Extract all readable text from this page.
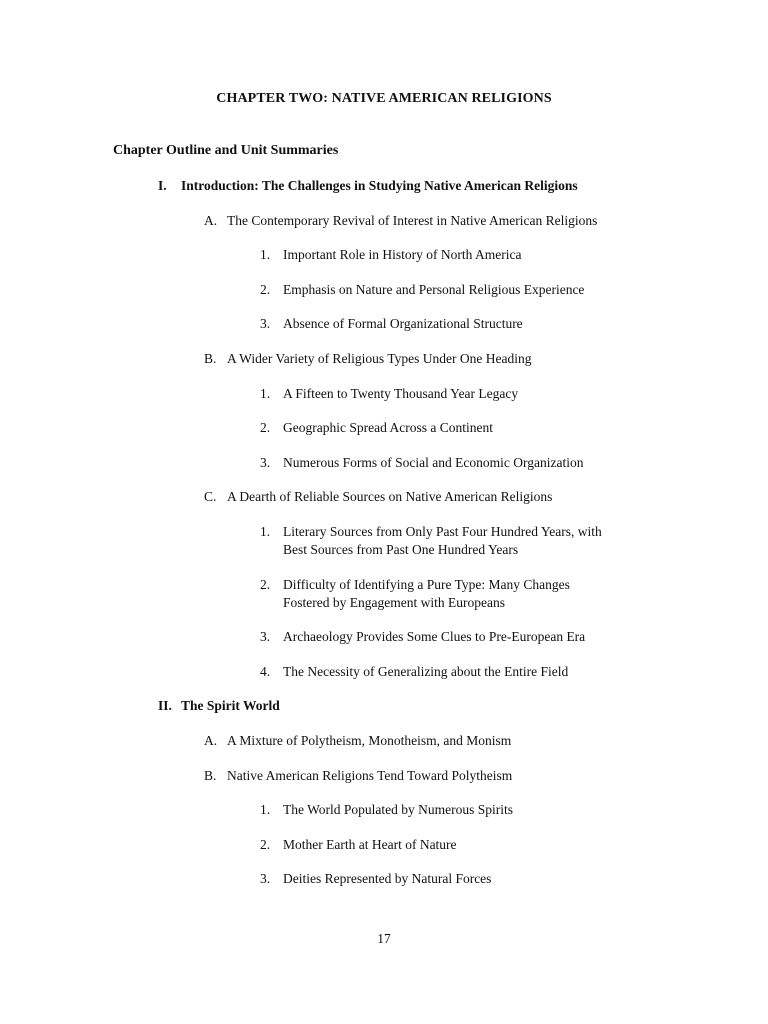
CHAPTER TWO: NATIVE AMERICAN RELIGIONS
Chapter Outline and Unit Summaries
I. Introduction: The Challenges in Studying Native American Religions
A. The Contemporary Revival of Interest in Native American Religions
1. Important Role in History of North America
2. Emphasis on Nature and Personal Religious Experience
3. Absence of Formal Organizational Structure
B. A Wider Variety of Religious Types Under One Heading
1. A Fifteen to Twenty Thousand Year Legacy
2. Geographic Spread Across a Continent
3. Numerous Forms of Social and Economic Organization
C. A Dearth of Reliable Sources on Native American Religions
1. Literary Sources from Only Past Four Hundred Years, with
Best Sources from Past One Hundred Years
2. Difficulty of Identifying a Pure Type: Many Changes
Fostered by Engagement with Europeans
3. Archaeology Provides Some Clues to Pre-European Era
4. The Necessity of Generalizing about the Entire Field
II. The Spirit World
A. A Mixture of Polytheism, Monotheism, and Monism
B. Native American Religions Tend Toward Polytheism
1. The World Populated by Numerous Spirits
2. Mother Earth at Heart of Nature
3. Deities Represented by Natural Forces
17
